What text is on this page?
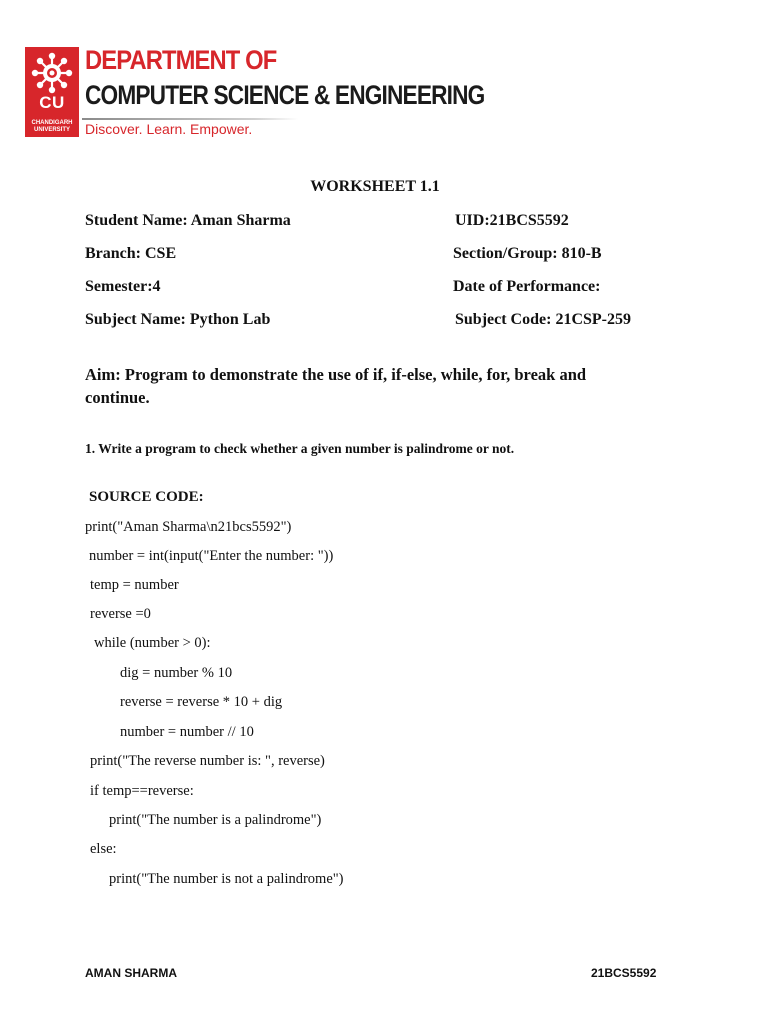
CU
CHANDIGARH UNIVERSITY
DEPARTMENT OF
COMPUTER SCIENCE & ENGINEERING
Discover. Learn. Empower.
WORKSHEET 1.1
Student Name: Aman Sharma	UID:21BCS5592
Branch: CSE	Section/Group: 810-B
Semester:4	Date of Performance:
Subject Name: Python Lab	Subject Code: 21CSP-259
Aim: Program to demonstrate the use of if, if-else, while, for, break and continue.
1. Write a program to check whether a given number is palindrome or not.
SOURCE CODE:
print("Aman Sharma\n21bcs5592")
number = int(input("Enter the number: "))
temp = number
reverse =0
while (number > 0):
dig = number % 10
reverse = reverse * 10 + dig
number = number // 10
print("The reverse number is: ", reverse)
if temp==reverse:
print("The number is a palindrome")
else:
print("The number is not a palindrome")
AMAN SHARMA	21BCS5592
